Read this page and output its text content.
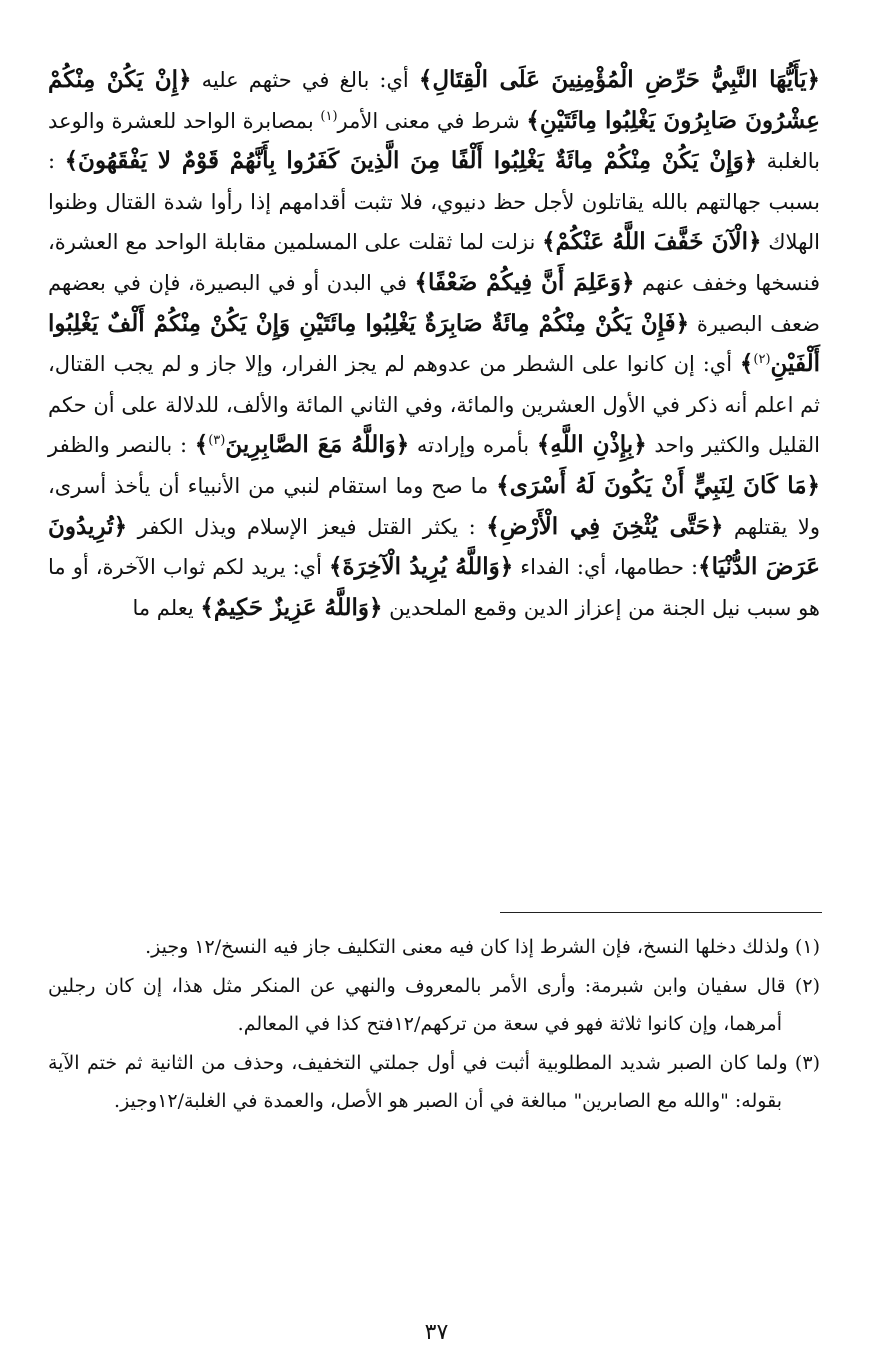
﴿يَأَيُّهَا النَّبِيُّ حَرِّضِ الْمُؤْمِنِينَ عَلَى الْقِتَالِ﴾ أي: بالغ في حثهم عليه ﴿إِنْ يَكُنْ مِنْكُمْ عِشْرُونَ صَابِرُونَ يَغْلِبُوا مِائَتَيْنِ﴾ شرط في معنى الأمر$^{(١)}$ بمصابرة الواحد للعشرة والوعد بالغلبة ﴿وَإِنْ يَكُنْ مِنْكُمْ مِائَةٌ يَغْلِبُوا أَلْفًا مِنَ الَّذِينَ كَفَرُوا بِأَنَّهُمْ قَوْمٌ لا يَفْقَهُونَ﴾ : بسبب جهالتهم بالله يقاتلون لأجل حظ دنيوي، فلا تثبت أقدامهم إذا رأوا شدة القتال وظنوا الهلاك ﴿الْآنَ خَفَّفَ اللَّهُ عَنْكُمْ﴾ نزلت لما ثقلت على المسلمين مقابلة الواحد مع العشرة، فنسخها وخفف عنهم ﴿وَعَلِمَ أَنَّ فِيكُمْ ضَعْفًا﴾ في البدن أو في البصيرة، فإن في بعضهم ضعف البصيرة ﴿فَإِنْ يَكُنْ مِنْكُمْ مِائَةٌ صَابِرَةٌ يَغْلِبُوا مِائَتَيْنِ وَإِنْ يَكُنْ مِنْكُمْ أَلْفٌ يَغْلِبُوا أَلْفَيْنِ$^{(٢)}$﴾ أي: إن كانوا على الشطر من عدوهم لم يجز الفرار، وإلا جاز و لم يجب القتال، ثم اعلم أنه ذكر في الأول العشرين والمائة، وفي الثاني المائة والألف، للدلالة على أن حكم القليل والكثير واحد ﴿بِإِذْنِ اللَّهِ﴾ بأمره وإرادته ﴿وَاللَّهُ مَعَ الصَّابِرِينَ$^{(٣)}$﴾ : بالنصر والظفر ﴿مَا كَانَ لِنَبِيٍّ أَنْ يَكُونَ لَهُ أَسْرَى﴾ ما صح وما استقام لنبي من الأنبياء أن يأخذ أسرى، ولا يقتلهم ﴿حَتَّى يُثْخِنَ فِي الْأَرْضِ﴾ : يكثر القتل فيعز الإسلام ويذل الكفر ﴿تُرِيدُونَ عَرَضَ الدُّنْيَا﴾: حطامها، أي: الفداء ﴿وَاللَّهُ يُرِيدُ الْآخِرَةَ﴾ أي: يريد لكم ثواب الآخرة، أو ما هو سبب نيل الجنة من إعزاز الدين وقمع الملحدين ﴿وَاللَّهُ عَزِيزٌ حَكِيمٌ﴾ يعلم ما

(١) ولذلك دخلها النسخ، فإن الشرط إذا كان فيه معنى التكليف جاز فيه النسخ/١٢ وجيز.

(٢) قال سفيان وابن شبرمة: وأرى الأمر بالمعروف والنهي عن المنكر مثل هذا، إن كان رجلين أمرهما، وإن كانوا ثلاثة فهو في سعة من تركهم/١٢فتح كذا في المعالم.

(٣) ولما كان الصبر شديد المطلوبية أثبت في أول جملتي التخفيف، وحذف من الثانية ثم ختم الآية بقوله: "والله مع الصابرين" مبالغة في أن الصبر هو الأصل، والعمدة في الغلبة/١٢وجيز.

٣٧
